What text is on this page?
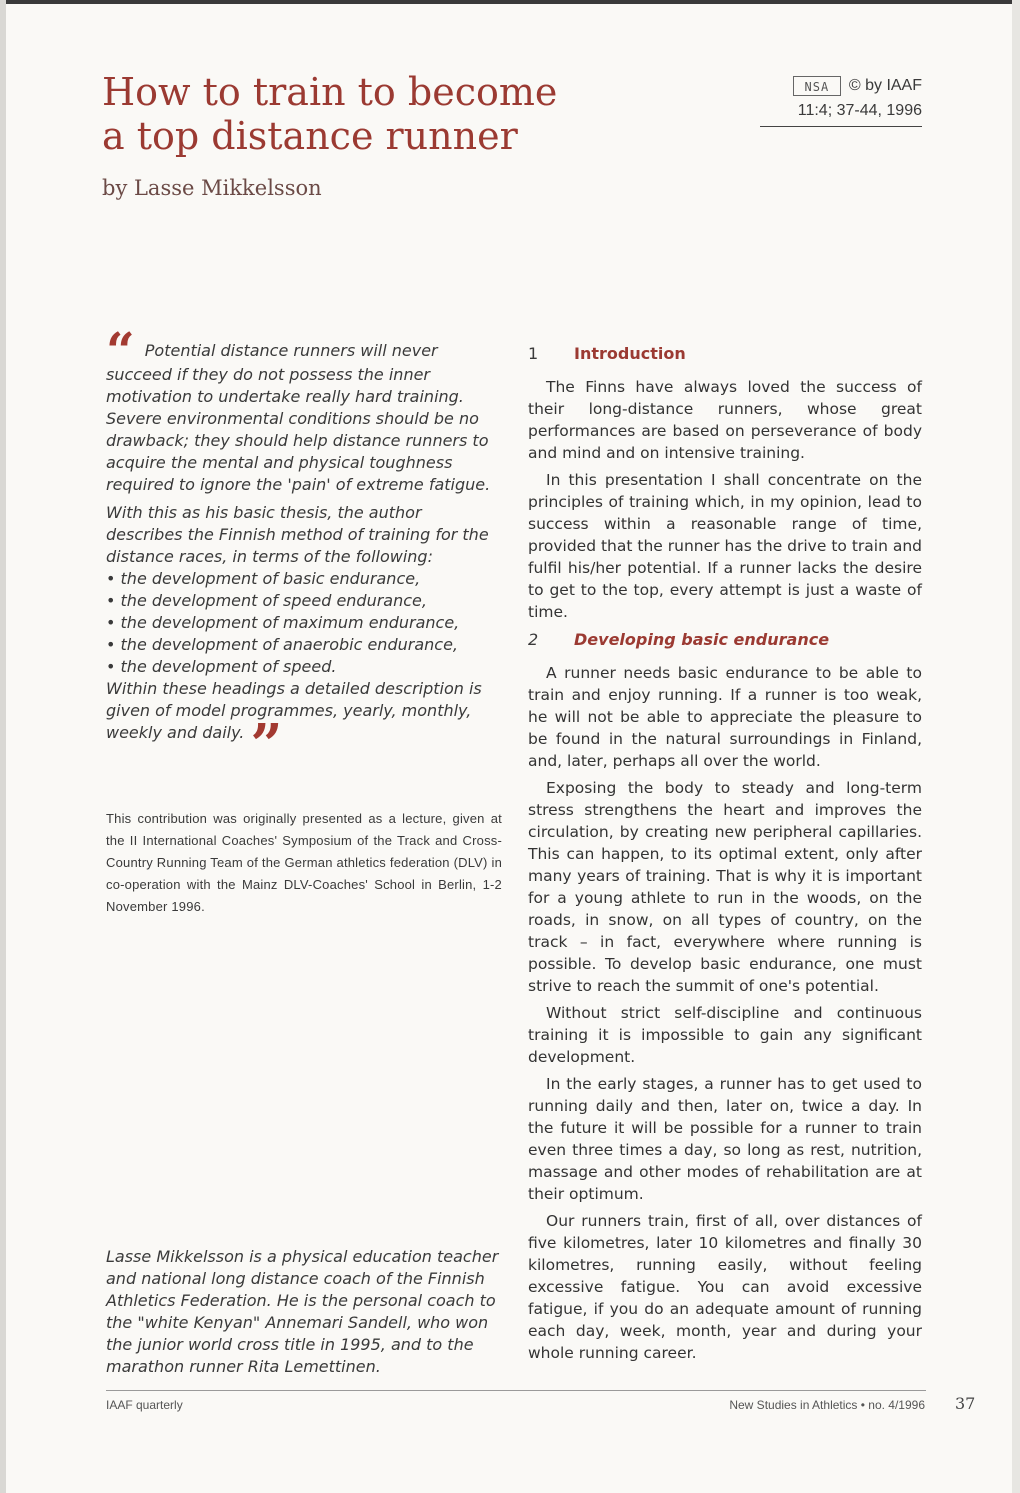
How to train to become
a top distance runner
by Lasse Mikkelsson
NSA	© by IAAF
11:4; 37-44, 1996

“ Potential distance runners will never succeed if they do not possess the inner motivation to undertake really hard training. Severe environmental conditions should be no drawback; they should help distance runners to acquire the mental and physical toughness required to ignore the 'pain' of extreme fatigue.

With this as his basic thesis, the author describes the Finnish method of training for the distance races, in terms of the following:

• the development of basic endurance,
• the development of speed endurance,
• the development of maximum endurance,
• the development of anaerobic endurance,
• the development of speed.

Within these headings a detailed description is given of model programmes, yearly, monthly, weekly and daily. ”

This contribution was originally presented as a lecture, given at the II International Coaches' Symposium of the Track and Cross-Country Running Team of the German athletics federation (DLV) in co-operation with the Mainz DLV-Coaches' School in Berlin, 1-2 November 1996.
Lasse Mikkelsson is a physical education teacher and national long distance coach of the Finnish Athletics Federation. He is the personal coach to the "white Kenyan" Annemari Sandell, who won the junior world cross title in 1995, and to the marathon runner Rita Lemettinen.
1	Introduction

The Finns have always loved the success of their long-distance runners, whose great performances are based on perseverance of body and mind and on intensive training.

In this presentation I shall concentrate on the principles of training which, in my opinion, lead to success within a reasonable range of time, provided that the runner has the drive to train and fulfil his/her potential. If a runner lacks the desire to get to the top, every attempt is just a waste of time.

2	Developing basic endurance

A runner needs basic endurance to be able to train and enjoy running. If a runner is too weak, he will not be able to appreciate the pleasure to be found in the natural surroundings in Finland, and, later, perhaps all over the world.

Exposing the body to steady and long-term stress strengthens the heart and improves the circulation, by creating new peripheral capillaries. This can happen, to its optimal extent, only after many years of training. That is why it is important for a young athlete to run in the woods, on the roads, in snow, on all types of country, on the track – in fact, everywhere where running is possible. To develop basic endurance, one must strive to reach the summit of one's potential.

Without strict self-discipline and continuous training it is impossible to gain any significant development.

In the early stages, a runner has to get used to running daily and then, later on, twice a day. In the future it will be possible for a runner to train even three times a day, so long as rest, nutrition, massage and other modes of rehabilitation are at their optimum.

Our runners train, first of all, over distances of five kilometres, later 10 kilometres and finally 30 kilometres, running easily, without feeling excessive fatigue. You can avoid excessive fatigue, if you do an adequate amount of running each day, week, month, year and during your whole running career.

IAAF quarterly	New Studies in Athletics • no. 4/1996 37
